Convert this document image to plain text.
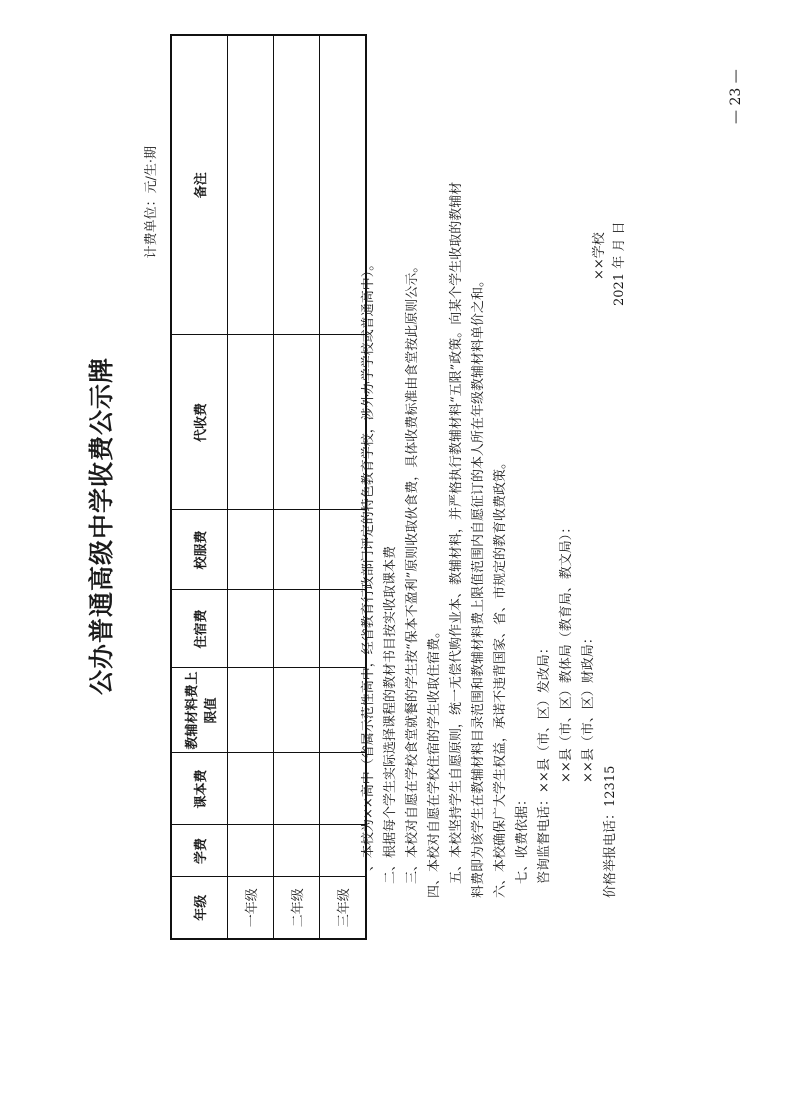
公办普通高级中学收费公示牌
计费单位：元/生·期
年级	学费	课本费	教辅材料费上限值	住宿费	校服费	代收费	备注
一年级							
二年级							
三年级							
一、本校为××高中（省属示范性高中，经省教育行政部门评定的特色教育学校，涉外办学学校或普通高中）。 二、根据每个学生实际选择课程的教材书目按实收取课本费 三、本校对自愿在学校食堂就餐的学生按“保本不盈利”原则收取伙食费，具体收费标准由食堂按此原则公示。 四、本校对自愿在学校住宿的学生收取住宿费。 五、本校坚持学生自愿原则，统一无偿代购作业本、教辅材料，并严格执行教辅材料“五限”政策。向某个学生收取的教辅材 料费即为该学生在教辅材料目录范围和教辅材料费上限值范围内自愿征订的本人所在年级教辅材料单价之和。 六、本校确保广大学生权益，承诺不违背国家、省、市规定的教育收费政策。 七、收费依据： 咨询监督电话：××县（市、区）发改局： ××县（市、区）教体局（教育局、教文局）： ××县（市、区）财政局：
价格举报电话：12315
××学校 2021 年 月 日
— 23 —
